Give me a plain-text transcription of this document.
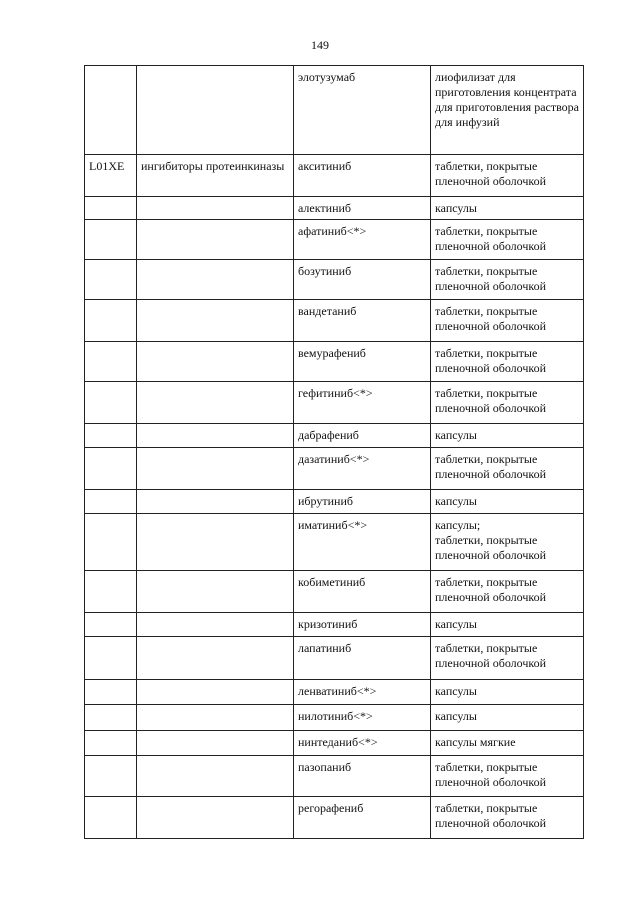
149
		элотузумаб	лиофилизат для приготовления концентрата для приготовления раствора для инфузий

L01XE	ингибиторы протеинкиназы	акситиниб	таблетки, покрытые пленочной оболочкой

		алектиниб	капсулы

		афатиниб<*>	таблетки, покрытые пленочной оболочкой

		бозутиниб	таблетки, покрытые пленочной оболочкой

		вандетаниб	таблетки, покрытые пленочной оболочкой

		вемурафениб	таблетки, покрытые пленочной оболочкой

		гефитиниб<*>	таблетки, покрытые пленочной оболочкой

		дабрафениб	капсулы

		дазатиниб<*>	таблетки, покрытые пленочной оболочкой

		ибрутиниб	капсулы

		иматиниб<*>	капсулы;
таблетки, покрытые пленочной оболочкой

		кобиметиниб	таблетки, покрытые пленочной оболочкой

		кризотиниб	капсулы

		лапатиниб	таблетки, покрытые пленочной оболочкой

		ленватиниб<*>	капсулы

		нилотиниб<*>	капсулы

		нинтеданиб<*>	капсулы мягкие

		пазопаниб	таблетки, покрытые пленочной оболочкой

		регорафениб	таблетки, покрытые пленочной оболочкой
